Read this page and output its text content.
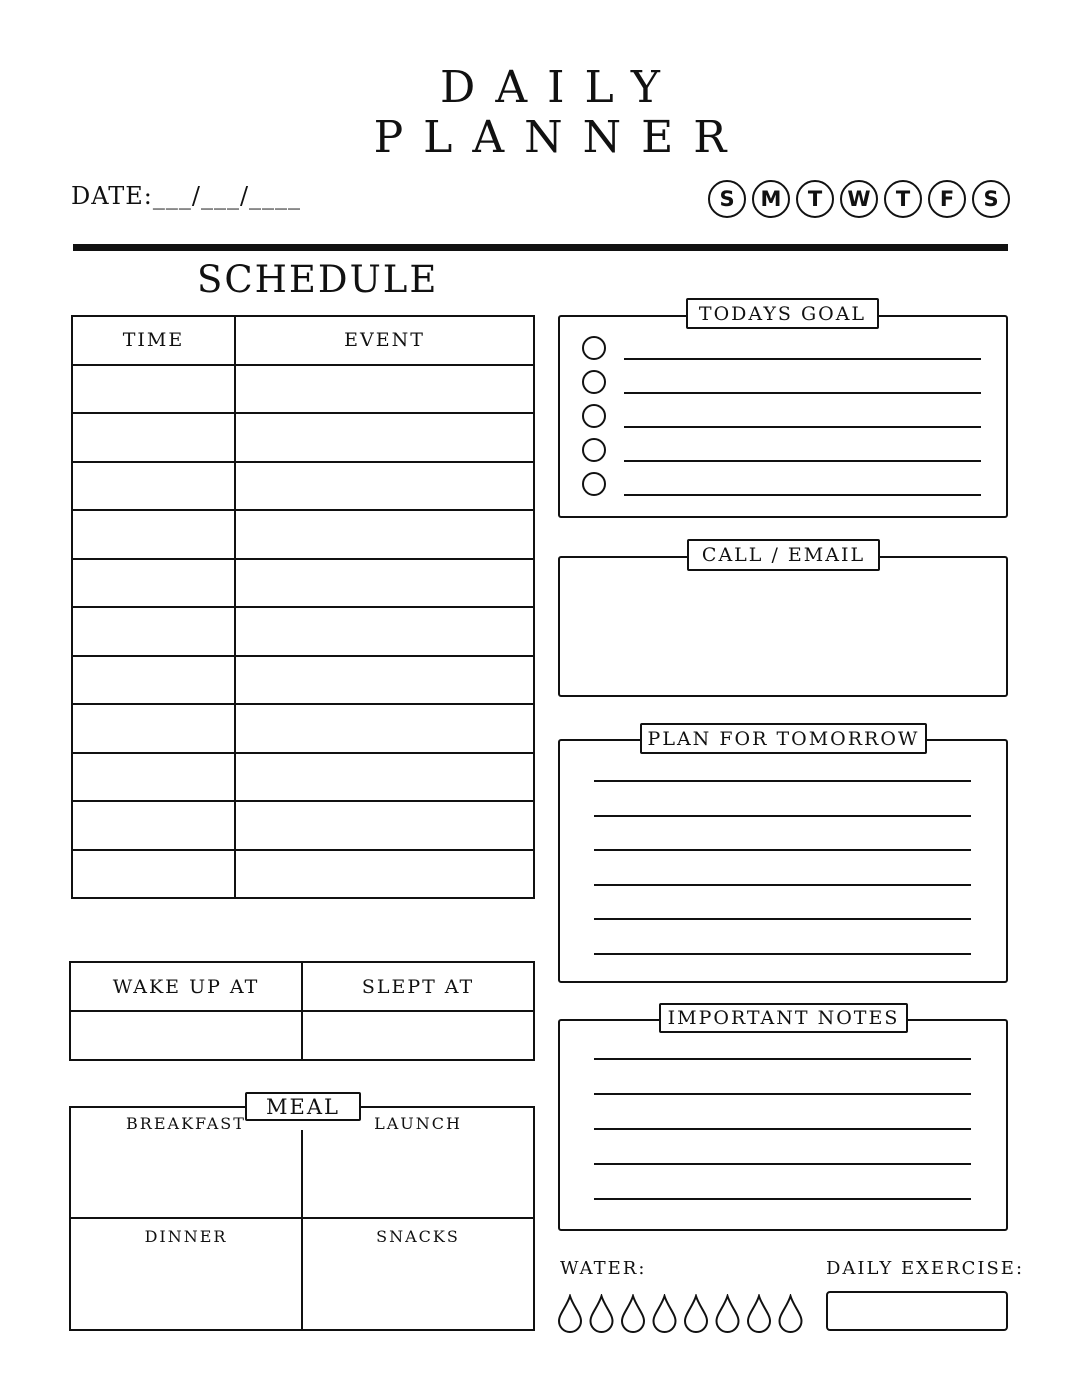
DAILY
PLANNER
DATE:___/___/____	S	M	T	W	T	F	S
SCHEDULE
TIME	EVENT

WAKE UP AT	SLEPT AT

MEAL
BREAKFAST	LAUNCH
DINNER	SNACKS
TODAYS GOAL
CALL / EMAIL
PLAN FOR TOMORROW
IMPORTANT NOTES
WATER:	DAILY EXERCISE:
